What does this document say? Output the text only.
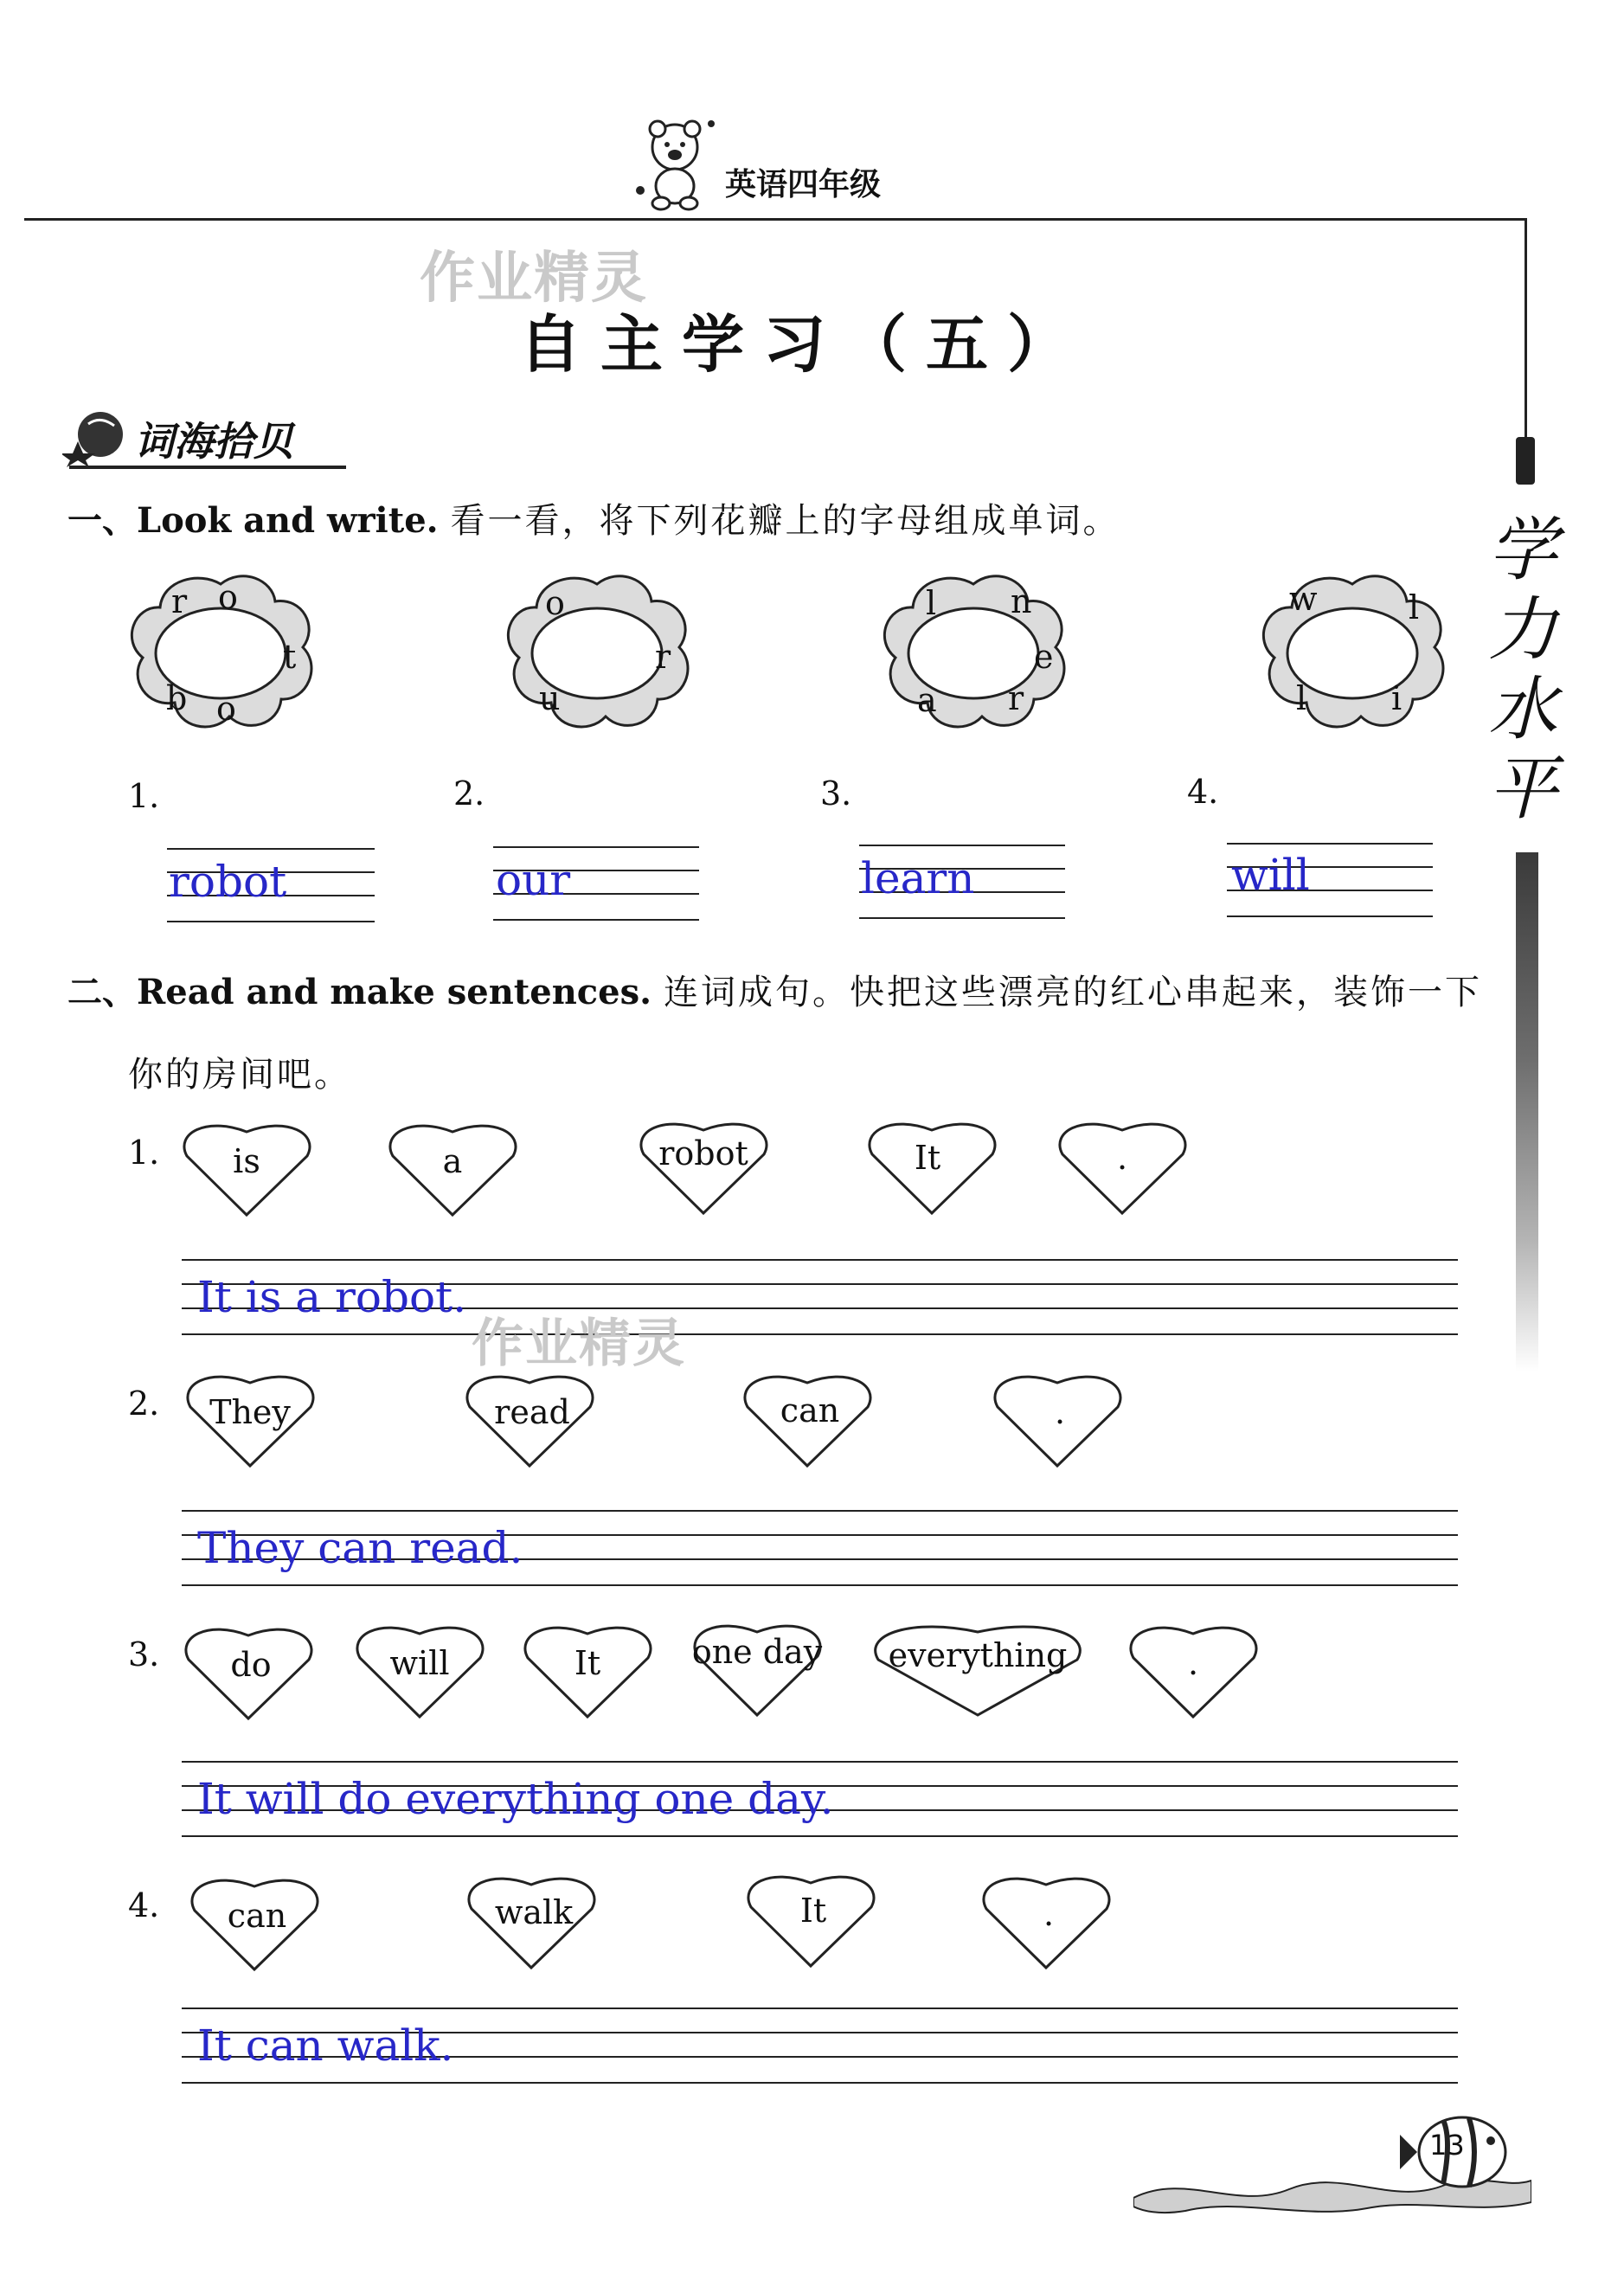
英语四年级
作业精灵
自主学习（五）
词海拾贝
学力水平
一、Look and write. 看一看，将下列花瓣上的字母组成单词。
r o
t
o
b
o
r
u
l n
e
r
a
w	l
i
l
1.	2.	3.	4.
robot	our	learn	will
二、Read and make sentences. 连词成句。快把这些漂亮的红心串起来，装饰一下
你的房间吧。
1. is	a	robot	It	.
It is a robot.
作业精灵
2. They	read	can	.
They can read.
3. do	will	It	one day everything	.
It will do everything one day.
4. can	walk	It	.
It can walk.
13
